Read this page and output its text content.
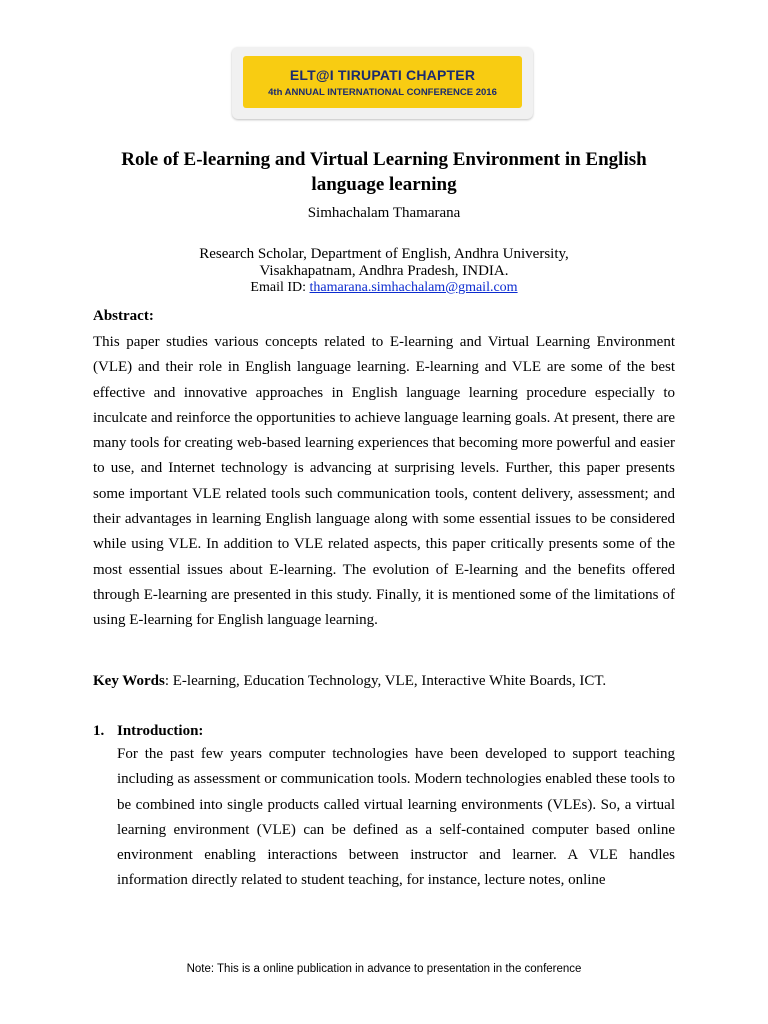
ELT@I TIRUPATI CHAPTER
4th ANNUAL INTERNATIONAL CONFERENCE 2016
Role of E-learning and Virtual Learning Environment in English
language learning
Simhachalam Thamarana
Research Scholar, Department of English, Andhra University,
Visakhapatnam, Andhra Pradesh, INDIA.
Email ID: thamarana.simhachalam@gmail.com
Abstract:

This paper studies various concepts related to E-learning and Virtual Learning Environment (VLE) and their role in English language learning. E-learning and VLE are some of the best effective and innovative approaches in English language learning procedure especially to inculcate and reinforce the opportunities to achieve language learning goals. At present, there are many tools for creating web-based learning experiences that becoming more powerful and easier to use, and Internet technology is advancing at surprising levels. Further, this paper presents some important VLE related tools such communication tools, content delivery, assessment; and their advantages in learning English language along with some essential issues to be considered while using VLE. In addition to VLE related aspects, this paper critically presents some of the most essential issues about E-learning. The evolution of E-learning and the benefits offered through E-learning are presented in this study. Finally, it is mentioned some of the limitations of using E-learning for English language learning.

Key Words: E-learning, Education Technology, VLE, Interactive White Boards, ICT.
1. Introduction:

For the past few years computer technologies have been developed to support teaching including as assessment or communication tools. Modern technologies enabled these tools to be combined into single products called virtual learning environments (VLEs). So, a virtual learning environment (VLE) can be defined as a self-contained computer based online environment enabling interactions between instructor and learner. A VLE handles information directly related to student teaching, for instance, lecture notes, online

Note: This is a online publication in advance to presentation in the conference
